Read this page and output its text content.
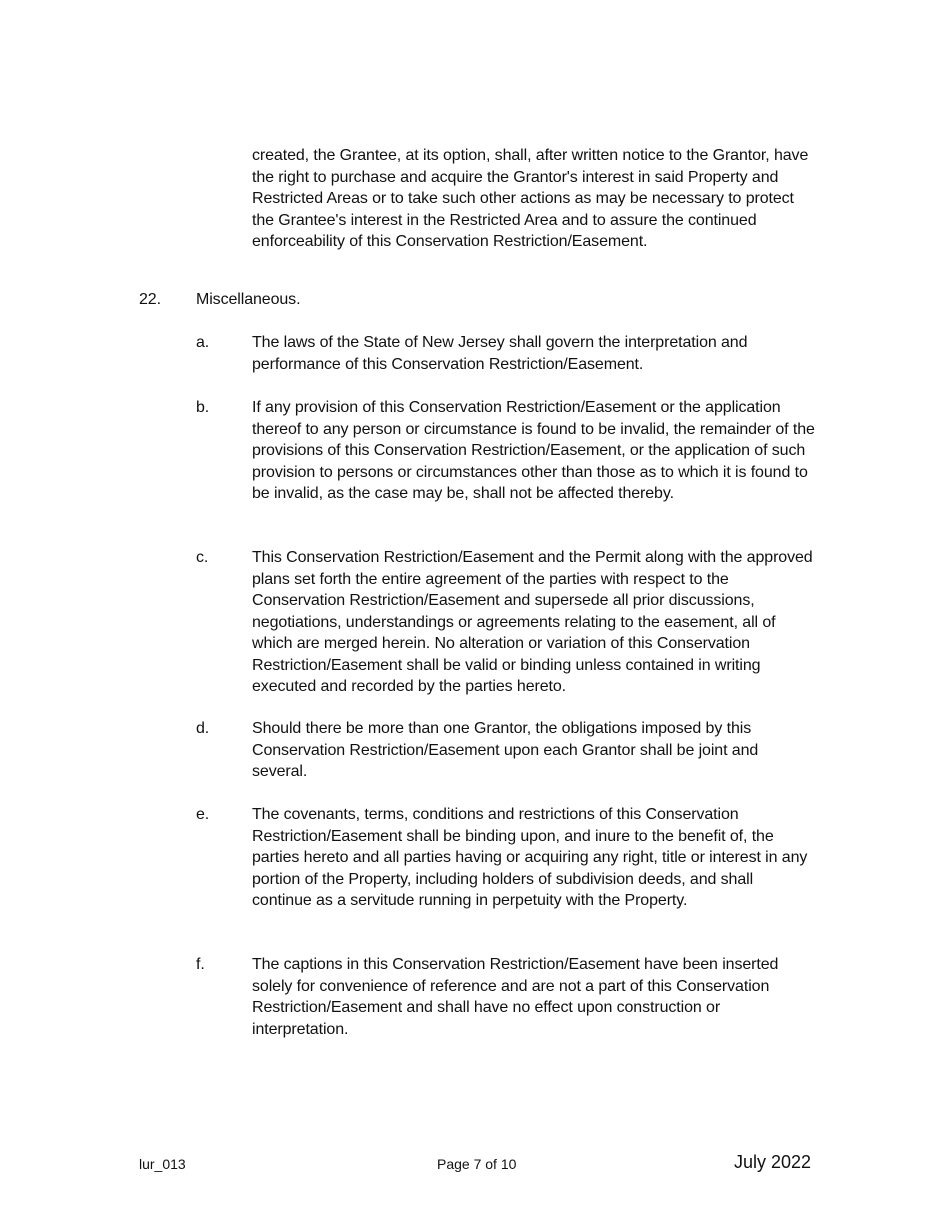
created, the Grantee, at its option, shall, after written notice to the Grantor, have the right to purchase and acquire the Grantor's interest in said Property and Restricted Areas or to take such other actions as may be necessary to protect the Grantee's interest in the Restricted Area and to assure the continued enforceability of this Conservation Restriction/Easement.
22. Miscellaneous.
a.	The laws of the State of New Jersey shall govern the interpretation and performance of this Conservation Restriction/Easement.
b.	If any provision of this Conservation Restriction/Easement or the application thereof to any person or circumstance is found to be invalid, the remainder of the provisions of this Conservation Restriction/Easement, or the application of such provision to persons or circumstances other than those as to which it is found to be invalid, as the case may be, shall not be affected thereby.
c.	This Conservation Restriction/Easement and the Permit along with the approved plans set forth the entire agreement of the parties with respect to the Conservation Restriction/Easement and supersede all prior discussions, negotiations, understandings or agreements relating to the easement, all of which are merged herein. No alteration or variation of this Conservation Restriction/Easement shall be valid or binding unless contained in writing executed and recorded by the parties hereto.
d.	Should there be more than one Grantor, the obligations imposed by this Conservation Restriction/Easement upon each Grantor shall be joint and several.
e.	The covenants, terms, conditions and restrictions of this Conservation Restriction/Easement shall be binding upon, and inure to the benefit of, the parties hereto and all parties having or acquiring any right, title or interest in any portion of the Property, including holders of subdivision deeds, and shall continue as a servitude running in perpetuity with the Property.
f.	The captions in this Conservation Restriction/Easement have been inserted solely for convenience of reference and are not a part of this Conservation Restriction/Easement and shall have no effect upon construction or interpretation.
lur_013	Page 7 of 10	July 2022
